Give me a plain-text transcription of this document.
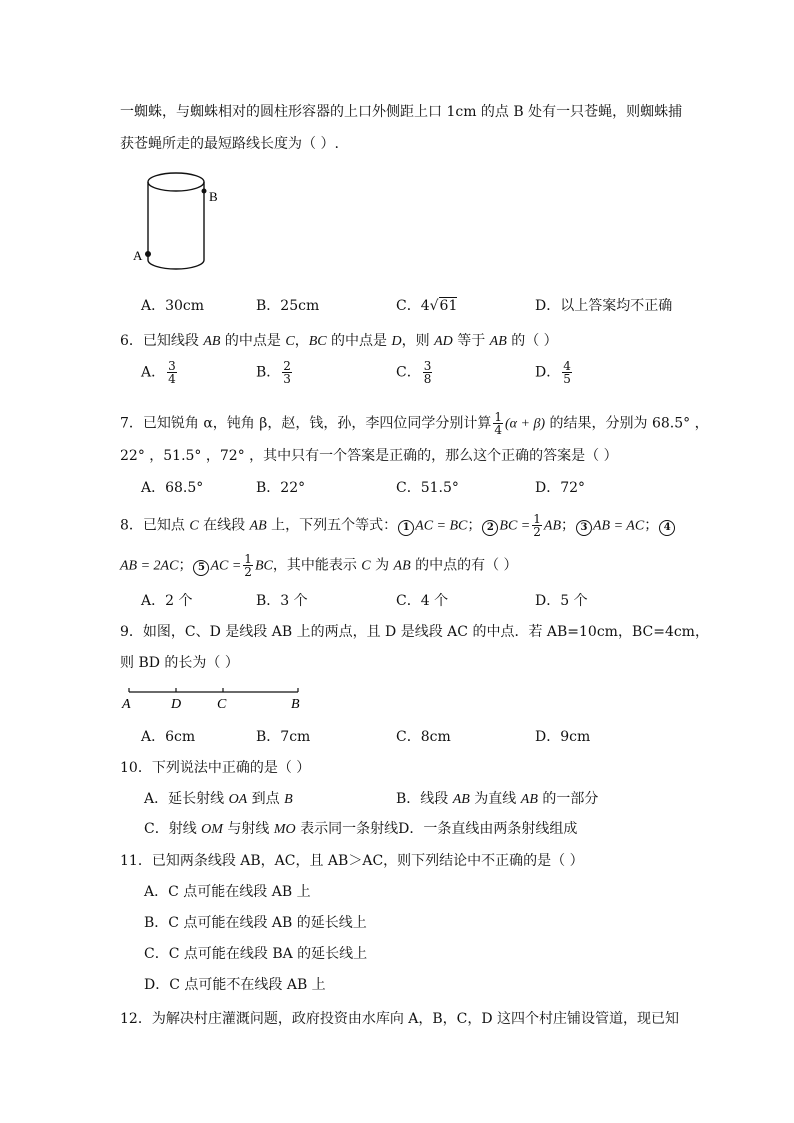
一蜘蛛，与蜘蛛相对的圆柱形容器的上口外侧距上口 1cm 的点 B 处有一只苍蝇，则蜘蛛捕
获苍蝇所走的最短路线长度为（ ）.
B
A
A．30cm	B．25cm	C．4√61	D．以上答案均不正确
6．已知线段 AB 的中点是 C，BC 的中点是 D，则 AD 等于 AB 的（ ）
A． $\frac{3}{4}$	B． $\frac{2}{3}$	C． $\frac{3}{8}$	D． $\frac{4}{5}$
7．已知锐角 α，钝角 β，赵，钱，孙，李四位同学分别计算 $\frac{1}{4} (\alpha + \beta)$ 的结果，分别为 68.5° ，
22° ，51.5° ，72° ，其中只有一个答案是正确的，那么这个正确的答案是（ ）
A．68.5°	B．22°	C．51.5°	D．72°
8．已知点 C 在线段 AB 上，下列五个等式： 1 AC = BC； 2 BC = $\frac{1}{2}$ AB； 3 AB = AC； 4
AB = 2AC； 5 AC = $\frac{1}{2}$ BC，其中能表示 C 为 AB 的中点的有（ ）
A．2 个	B．3 个	C．4 个	D．5 个
9．如图，C、D 是线段 AB 上的两点，且 D 是线段 AC 的中点．若 AB=10cm，BC=4cm，
则 BD 的长为（ ）
A	D	C	B
A．6cm	B．7cm	C．8cm	D．9cm
10．下列说法中正确的是（ ）
A．延长射线 OA 到点 B	B．线段 AB 为直线 AB 的一部分
C．射线 OM 与射线 MO 表示同一条射线D．一条直线由两条射线组成
11．已知两条线段 AB，AC，且 AB＞AC，则下列结论中不正确的是（ ）
A．C 点可能在线段 AB 上
B．C 点可能在线段 AB 的延长线上
C．C 点可能在线段 BA 的延长线上
D．C 点可能不在线段 AB 上
12．为解决村庄灌溉问题，政府投资由水库向 A，B，C，D 这四个村庄铺设管道，现已知
